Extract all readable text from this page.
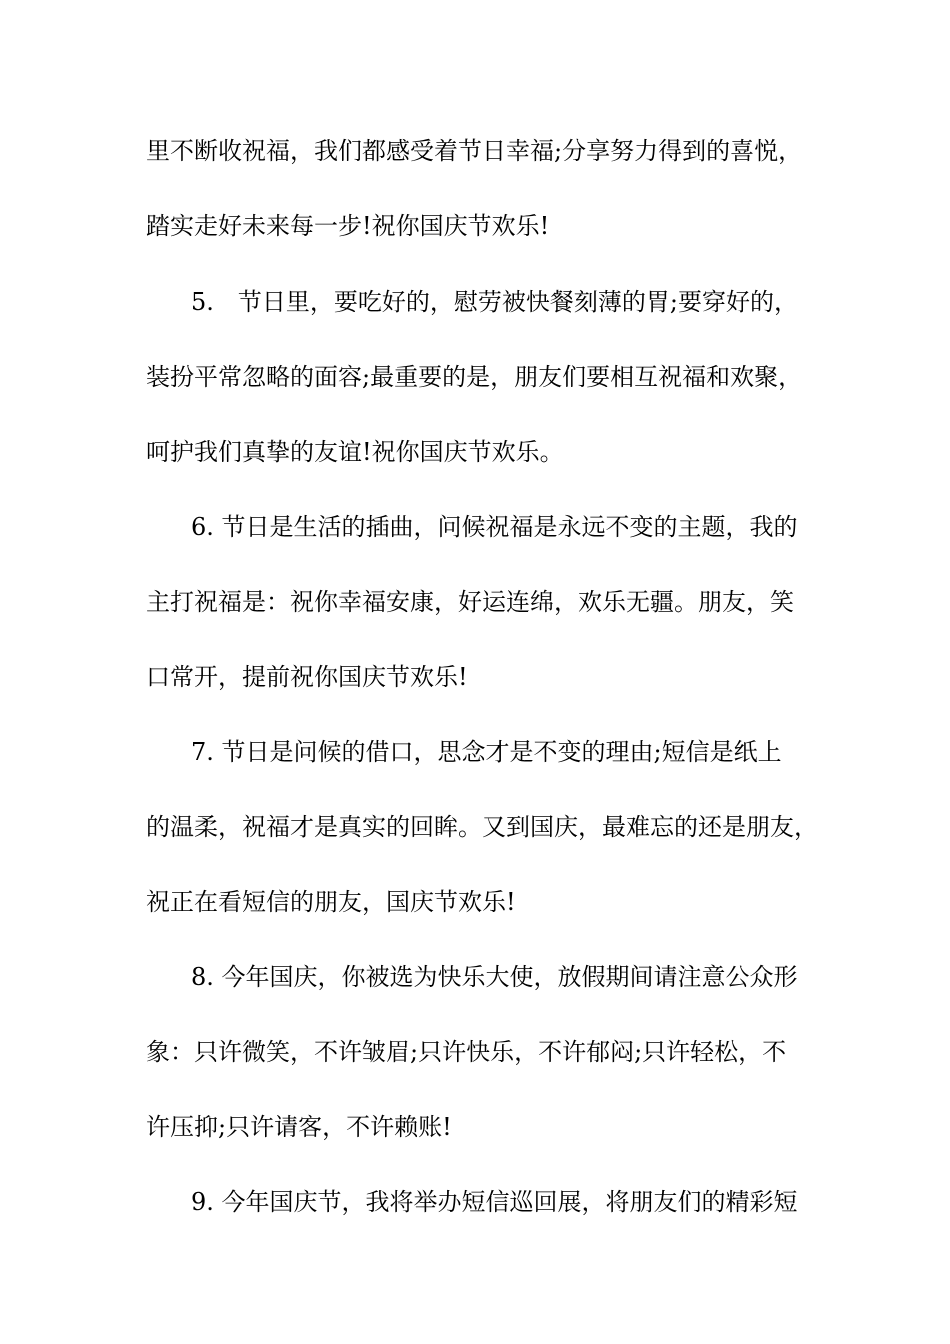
里不断收祝福，我们都感受着节日幸福;分享努力得到的喜悦，
踏实走好未来每一步!祝你国庆节欢乐!
5.　节日里，要吃好的，慰劳被快餐刻薄的胃;要穿好的，
装扮平常忽略的面容;最重要的是，朋友们要相互祝福和欢聚，
呵护我们真挚的友谊!祝你国庆节欢乐。
6. 节日是生活的插曲，问候祝福是永远不变的主题，我的
主打祝福是：祝你幸福安康，好运连绵，欢乐无疆。朋友，笑
口常开，提前祝你国庆节欢乐!
7. 节日是问候的借口，思念才是不变的理由;短信是纸上
的温柔，祝福才是真实的回眸。又到国庆，最难忘的还是朋友，
祝正在看短信的朋友，国庆节欢乐!
8. 今年国庆，你被选为快乐大使，放假期间请注意公众形
象：只许微笑，不许皱眉;只许快乐，不许郁闷;只许轻松，不
许压抑;只许请客，不许赖账!
9. 今年国庆节，我将举办短信巡回展，将朋友们的精彩短
